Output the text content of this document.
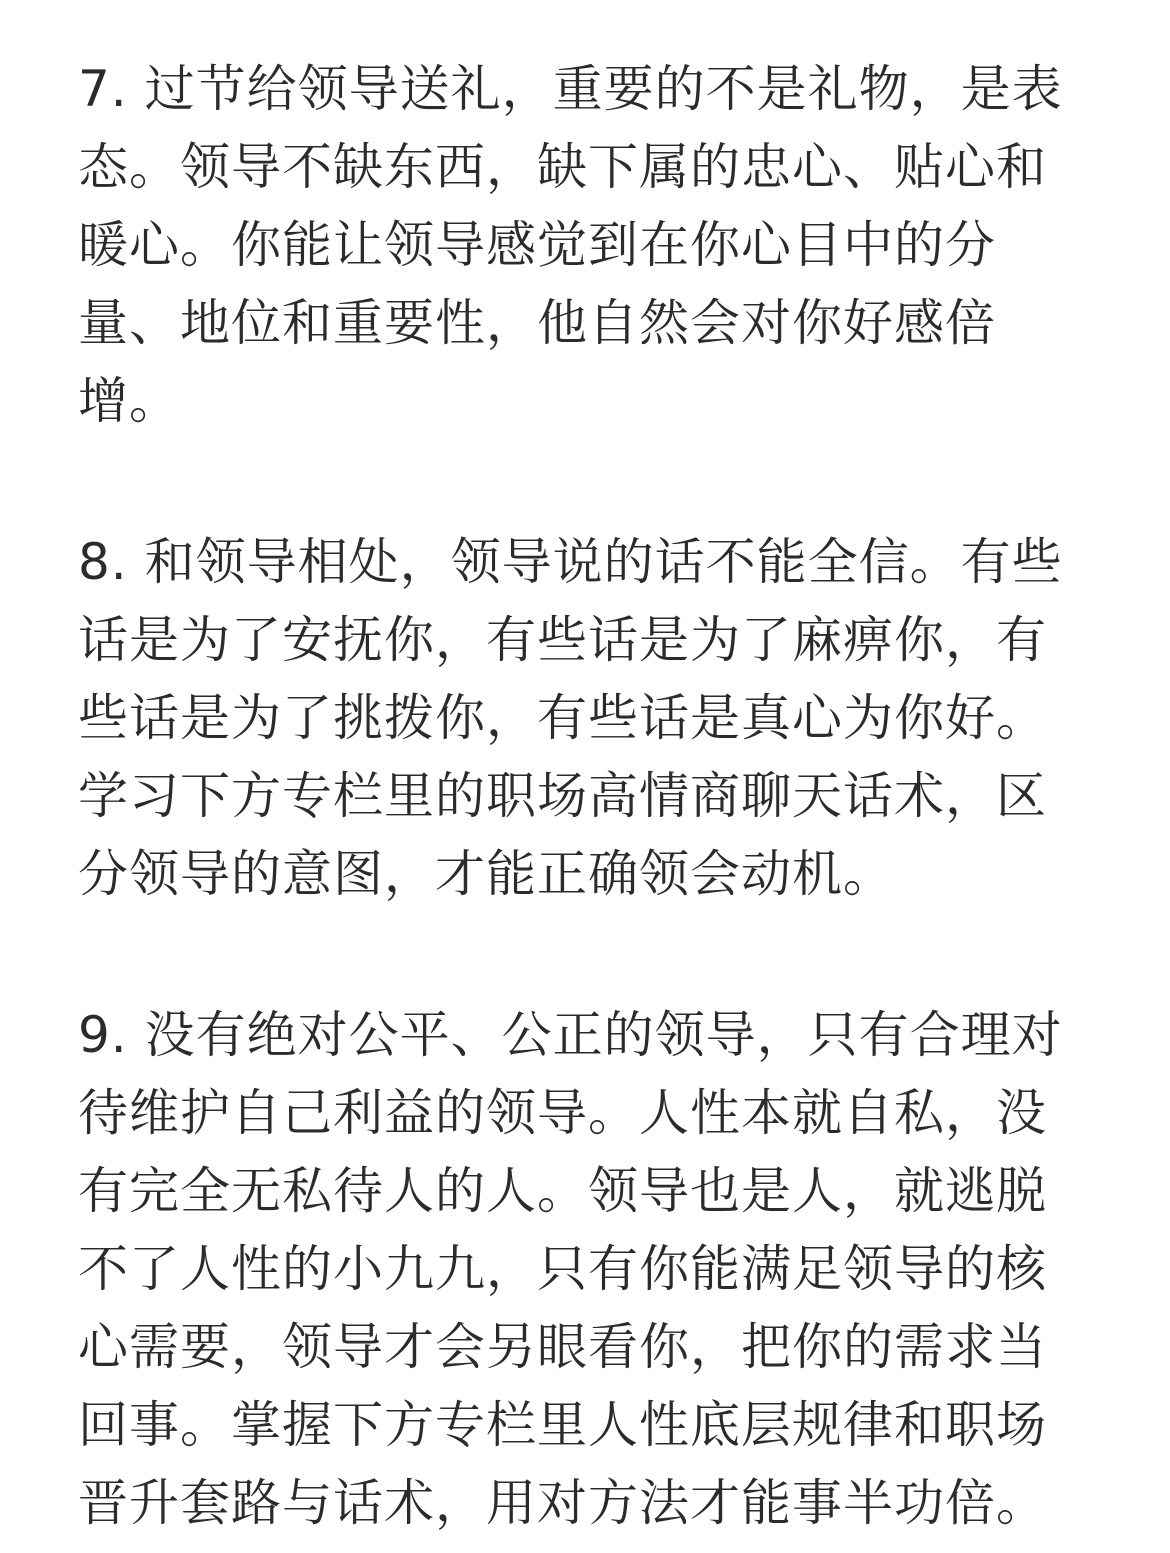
7. 过节给领导送礼，重要的不是礼物，是表
态。领导不缺东西，缺下属的忠心、贴心和
暖心。你能让领导感觉到在你心目中的分
量、地位和重要性，他自然会对你好感倍
增。
8. 和领导相处，领导说的话不能全信。有些
话是为了安抚你，有些话是为了麻痹你，有
些话是为了挑拨你，有些话是真心为你好。
学习下方专栏里的职场高情商聊天话术，区
分领导的意图，才能正确领会动机。
9. 没有绝对公平、公正的领导，只有合理对
待维护自己利益的领导。人性本就自私，没
有完全无私待人的人。领导也是人，就逃脱
不了人性的小九九，只有你能满足领导的核
心需要，领导才会另眼看你，把你的需求当
回事。掌握下方专栏里人性底层规律和职场
晋升套路与话术，用对方法才能事半功倍。
